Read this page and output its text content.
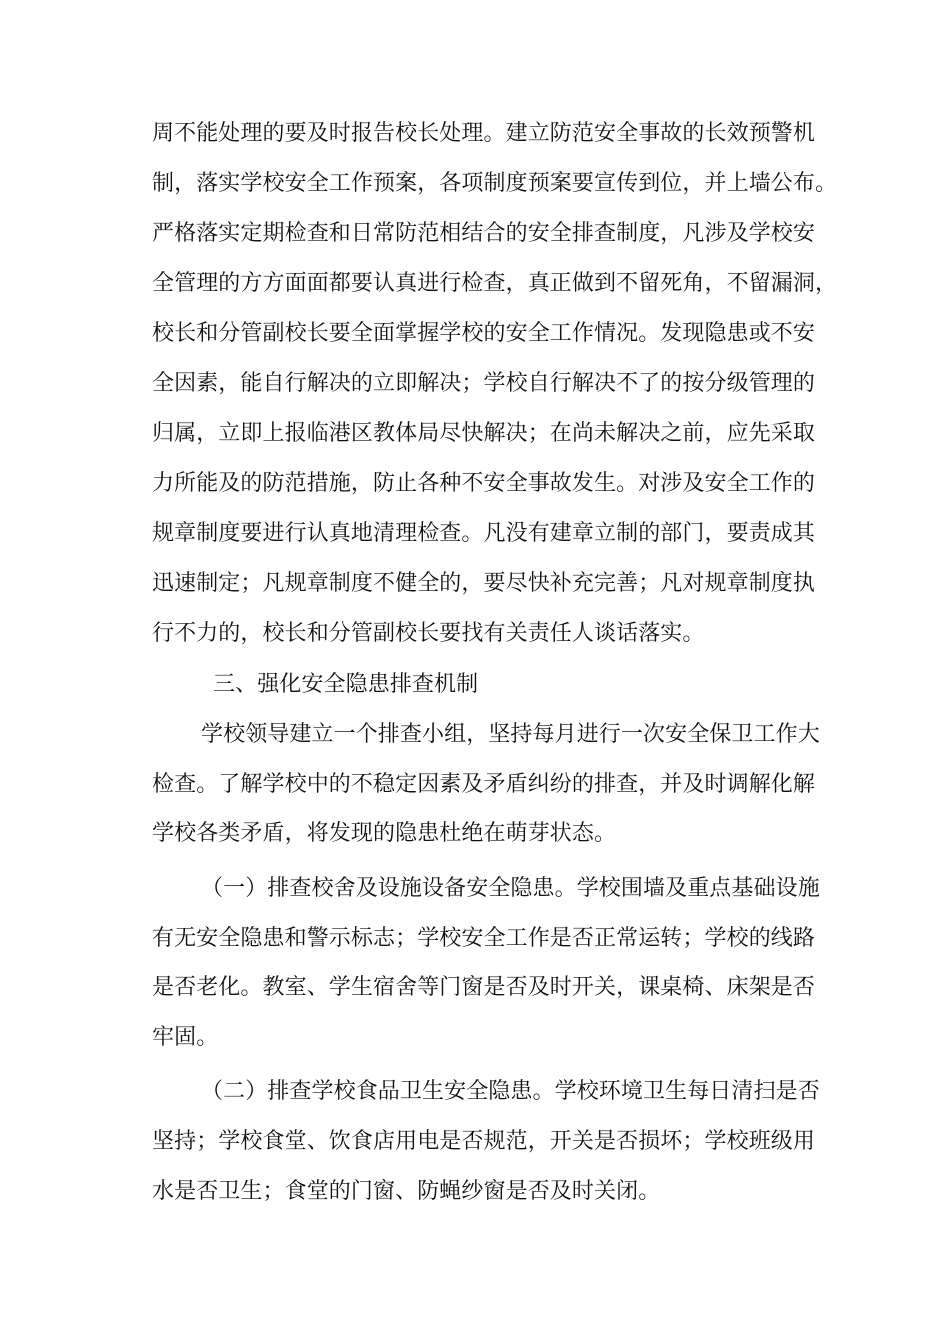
周不能处理的要及时报告校长处理。建立防范安全事故的长效预警机
制，落实学校安全工作预案，各项制度预案要宣传到位，并上墙公布。
严格落实定期检查和日常防范相结合的安全排查制度，凡涉及学校安
全管理的方方面面都要认真进行检查，真正做到不留死角，不留漏洞，
校长和分管副校长要全面掌握学校的安全工作情况。发现隐患或不安
全因素，能自行解决的立即解决；学校自行解决不了的按分级管理的
归属，立即上报临港区教体局尽快解决；在尚未解决之前，应先采取
力所能及的防范措施，防止各种不安全事故发生。对涉及安全工作的
规章制度要进行认真地清理检查。凡没有建章立制的部门，要责成其
迅速制定；凡规章制度不健全的，要尽快补充完善；凡对规章制度执
行不力的，校长和分管副校长要找有关责任人谈话落实。
三、强化安全隐患排查机制
学校领导建立一个排查小组，坚持每月进行一次安全保卫工作大
检查。了解学校中的不稳定因素及矛盾纠纷的排查，并及时调解化解
学校各类矛盾，将发现的隐患杜绝在萌芽状态。
（一）排查校舍及设施设备安全隐患。学校围墙及重点基础设施
有无安全隐患和警示标志；学校安全工作是否正常运转；学校的线路
是否老化。教室、学生宿舍等门窗是否及时开关，课桌椅、床架是否
牢固。
（二）排查学校食品卫生安全隐患。学校环境卫生每日清扫是否
坚持；学校食堂、饮食店用电是否规范，开关是否损坏；学校班级用
水是否卫生；食堂的门窗、防蝇纱窗是否及时关闭。
